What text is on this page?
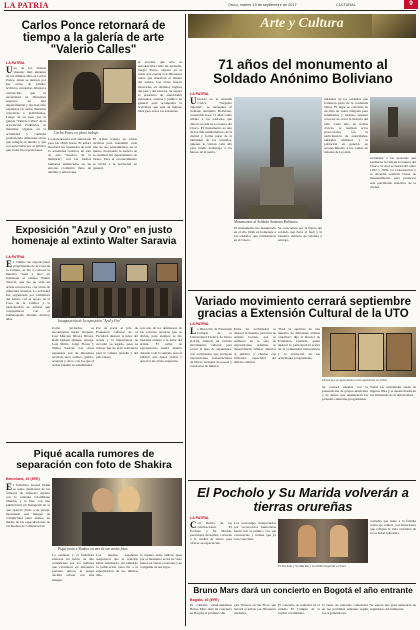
LA PATRIA	Oruro, martes 19 de septiembre de 2017	CULTURAL	9
Carlos Ponce retornará de tiempo a la galería de arte "Valerio Calles"
LA PATRIA
Uno de los artistas visuales más pujantes de los últimos años es Carlos Ponce, quien se destaca por sus obras de grafito, acrílicos, acuarelas, dibujos a carboncillo, que se encuentran en diferentes espacios de arte departamental y que han sido expuestas en varias muestras colectivas e individuales. Luego de su paso por la galería "Valerio Calles" de la Asociación Folklórica se mantiene vigente en la actualidad y continúa produciendo diferentes obras que reflejan su talento y que son apreciadas por el público que visita las exposiciones.
Carlos Ponce en pleno trabajo.
La presentación está anunciada para las 18:00 horas. El artista mostrará los resultados de toda la actualidad creativa, en sala de arte "Rostros de la memoria", con las formas humanas enmarcadas en un entorno cromático lleno de detalles y emociones.
El artista trabaja en varias técnicas para transmitir cada uno de sus pensamientos en el lienzo, mostrando la esencia de la realidad del departamento de Oruro. Para el acontecimiento se invita a la población en general.
el escultor que sólo se autodescribe como un aprendiz, Sergio Ponce, expuso en el salón que cuenta con diferentes obras que muestran el talento del artista. Las obras fueron mostradas en distintos lugares del país y del exterior. Se espera la presencia de autoridades culturales, artistas y público en general para acompañar la actividad, que será de ingreso libre para todos los asistentes.
Exposición "Azul y Oro" en justo homenaje al extinto Walter Saravia
LA PATRIA
El cambio de exposiciones programadas de la Casa de la Cultura, se dio a conocer la muestra "Azul y Oro" en homenaje al extinto Walter Saravia, que fue en vida un artista reconocido, con obras de diferentes técnicas. La actividad fue organizada por familiares del artista, con el apoyo de la Casa de la Cultura y la participación de artistas que compartieron con el homenajeado durante muchos años.	Inauguración de la exposición "Azul y Oro"
Como invitados se encontraban Javier Oropeza, José Marcelo Rivera Rivera, Raúl Quispe Quispe, Ortega, Luis Mário, Jorge Flores y Walter Saravia. Las obras expuestas son de diferentes técnicas, óleo, acrílico, grafito, acuarela y otros, con los que el artista plasmó su sensibilidad.
Por su parte el jefe de Extensión Cultural de la Facultad, destacó la labor del artista y la importancia de recordar su legado, pues su trabajo fue de gran relevancia para la cultura orureña y del país entero.
son uno de los defensores de las carreras técnicas que se abrían, pues siempre se dio bastante énfasis a la labor del artista. El salón de exposiciones estará abierto durante toda la semana para el público que desee visitar y apreciar las obras expuestas.
Piqué acalla rumores de separación con foto de Shakira
Barcelona, 19 (EFE)
El futbolista Gerard Piqué se quiso desmarcar de los rumores de supuesta ruptura con la cantante colombiana Shakira, y lo hizo con una publicación en Instagram en la que aparece junto a su pareja, mostrando una imagen de complicidad entre ambos, en medio de las especulaciones de los medios de comunicación.
Piqué junto a Shakira en una de sus varias fotos
La cantante y el futbolista tuvieron un inicio de año complicado por los rumores que circularon en diferentes portales. Ahora, la pareja decidió aclarar con una imagen.
Los medios españoles aseguraron que la relación había terminado, sin embargo la publicación puso fin a la especulación de los últimos días.
la ruptura entre ambos, pues por el momento se les ha visto juntos en varias ocasiones y en compañía de sus hijos.
Arte y Cultura
71 años del monumento al Soldado Anónimo Boliviano
LA PATRIA
Ubicado en la Avenida Cívica "Sargento Tejerina", se encuentra el Soldado Anónimo Boliviano, construido hace 71 años como tributo a los soldados que dieron su vida en la Guerra del Chaco. El monumento es uno de los más emblemáticos de la ciudad y forma parte de la identidad de los orureños, quienes lo visitan cada año para rendir homenaje a los héroes de la patria.
Monumentos al Soldado Anónimo Boliviano
El monumento fue inaugurado en el año 1946, en homenaje a los soldados que combatieron en el Chaco.
Se caracteriza por la figura del soldado que lleva el fusil y la bandera, símbolo de valentía y entrega.
unidades de los soldados que formaron parte de la contienda bélica. El lugar se convirtió en un sitio de visita obligada para estudiantes y turistas, quienes conocen de cerca la historia del país. Cada año, en fechas cívicas, se realizan actos protocolares con la participación de autoridades, unidades militares y la población en general, en reconocimiento a los caídos en defensa de la patria.
recuerdan a las personas que perdieron la vida en la Guerra del Chaco, la cual se desarrolló entre 1932 y 1935. La Gobernación y la Alcaldía realizan tareas de mantenimiento para preservar este patrimonio histórico de la ciudad.
Variado movimiento cerrará septiembre gracias a Extensión Cultural de la UTO
LA PATRIA
La Dirección de Extensión Cultural de la Universidad Técnica de Oruro (UTO), anunció un variado movimiento cultural para cerrar el mes de septiembre, con actividades que incluyen exposiciones, presentaciones de libros, recitales de poesía y conciertos de música.
Entre las actividades se destaca la muestra pictórica de artistas locales, que se realizará en la sala de exposiciones. Además, se desarrollarán talleres abiertos al público y charlas con invitados especiales del ámbito cultural.
"Está la apertura de una muestra de diferentes artistas orureños", dijo el director de Extensión Cultural, quien destacó la participación activa de la comunidad universitaria y la población en las actividades programadas.
Obras que se apreciarán en la exposición en Jaivir
Se contará además con la presentación de grupos musicales y de danza, que amenizarán las jornadas culturales programadas.
Todas las actividades serán de ingreso libre y se desarrollarán en los ambientes de la universidad.
El Pocholo y Su Marida volverán a tierras orureñas
LA PATRIA
Con motivo de las celebraciones, El Pocholo y Su Marida, personajes de humor, volverán a la ciudad de Oruro para ofrecer su espectáculo.
Los personajes interpretados por reconocidos humoristas harán reír al público con sus ocurrencias y rutinas que ya son conocidas.
El Pocholo y Su Marida y su último llegarán a Oruro
comedia que tiene a la familia como eje central, con situaciones que reflejan la vida cotidiana de la sociedad boliviana.
Bruno Mars dará un concierto en Bogotá el año entrante
Bogotá, 19 (EFE)
El cantante estadounidense Bruno Mars dará un concierto en Bogotá el próximo año.
gira Versace on the Floor que llevará al artista por diferentes ciudades.
El concierto se realizará en el estadio El Campín de la capital colombiana.
la venta de entradas comenzará en las próximas semanas según los organizadores.
Se espera una gran asistencia de seguidores del intérprete.
